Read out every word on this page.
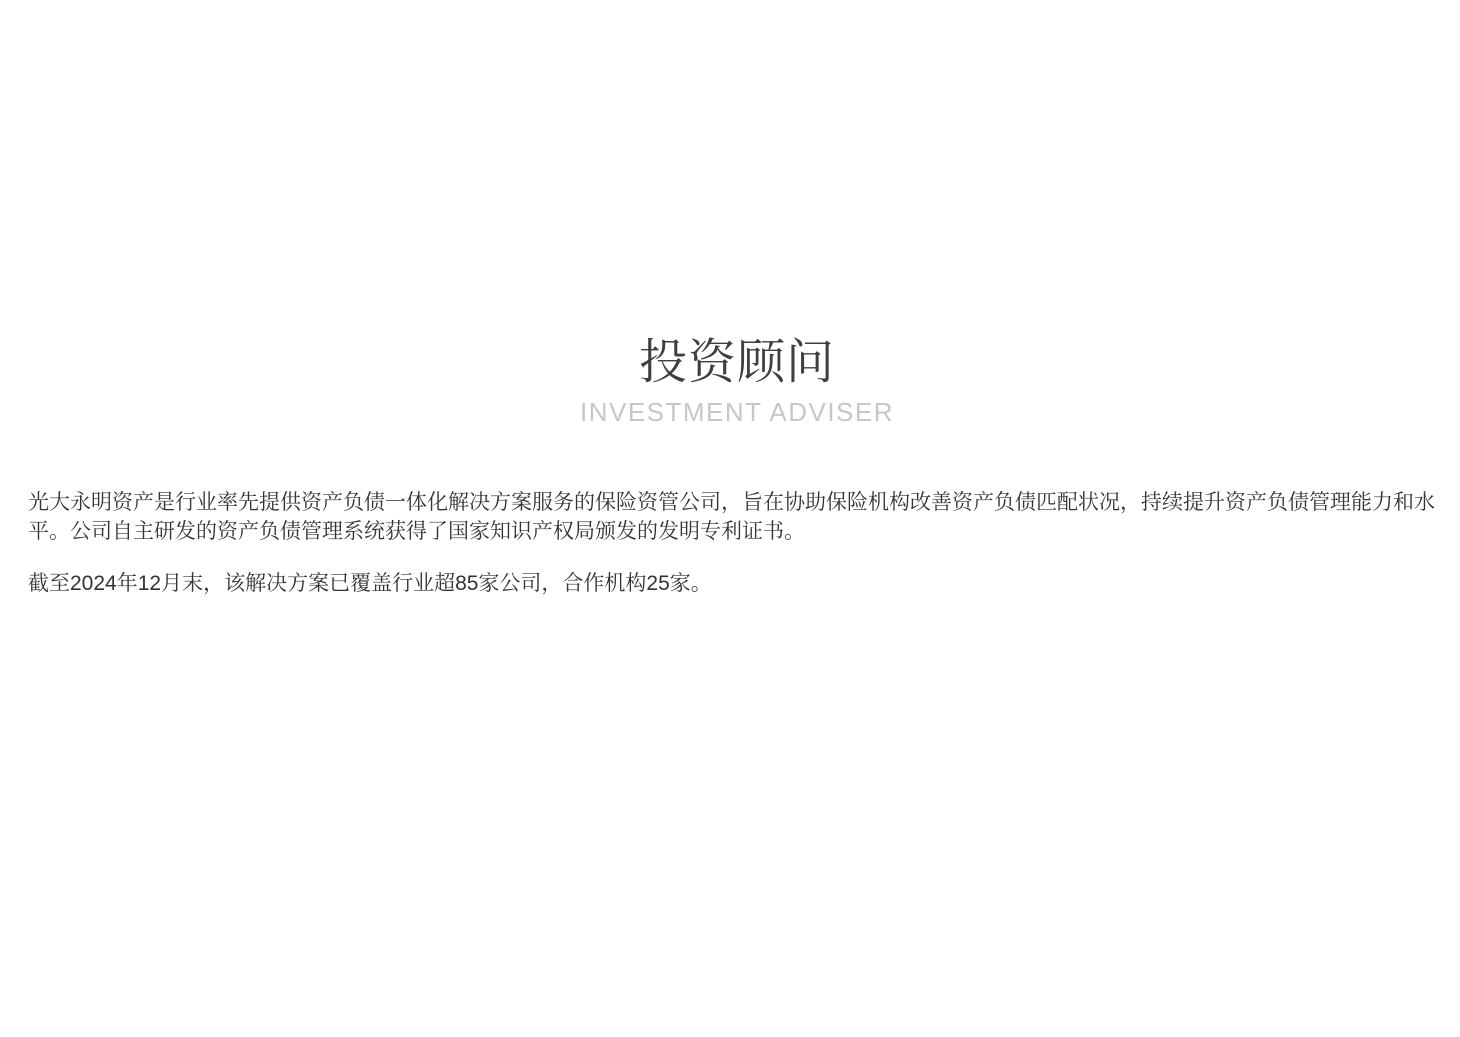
投资顾问
INVESTMENT ADVISER

光大永明资产是行业率先提供资产负债一体化解决方案服务的保险资管公司，旨在协助保险机构改善资产负债匹配状况，持续提升资产负债管理能力和水平。公司自主研发的资产负债管理系统获得了国家知识产权局颁发的发明专利证书。

截至2024年12月末，该解决方案已覆盖行业超85家公司，合作机构25家。
